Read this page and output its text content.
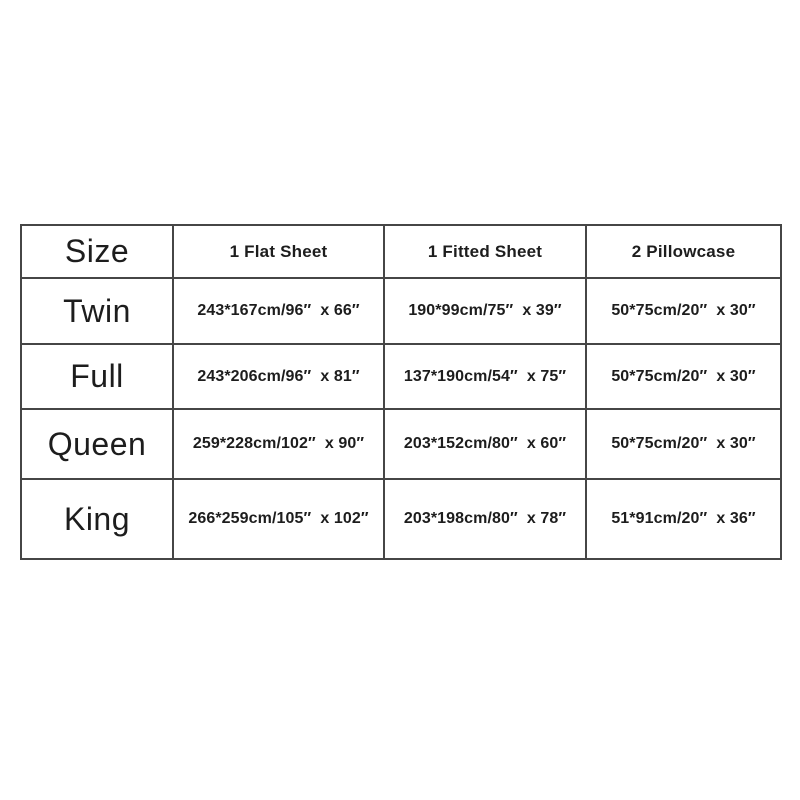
Size	1 Flat Sheet	1 Fitted Sheet	2 Pillowcase
Twin	243*167cm/96″  x 66″	190*99cm/75″  x 39″	50*75cm/20″  x 30″
Full	243*206cm/96″  x 81″	137*190cm/54″  x 75″	50*75cm/20″  x 30″
Queen	259*228cm/102″  x 90″	203*152cm/80″  x 60″	50*75cm/20″  x 30″
King	266*259cm/105″  x 102″	203*198cm/80″  x 78″	51*91cm/20″  x 36″
